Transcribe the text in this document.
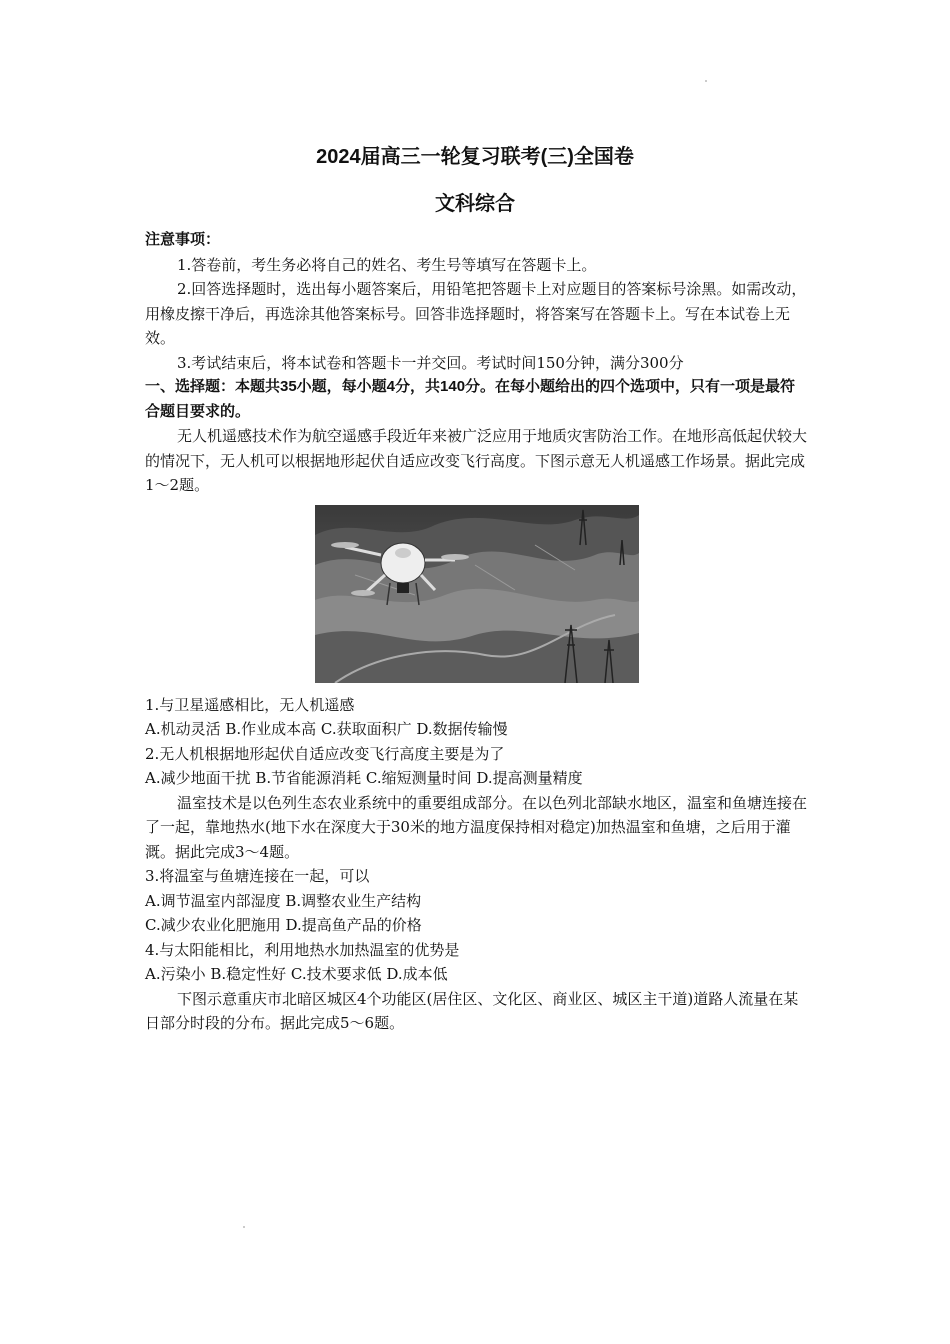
2024届高三一轮复习联考(三)全国卷
文科综合

注意事项：

1.答卷前，考生务必将自己的姓名、考生号等填写在答题卡上。

2.回答选择题时，选出每小题答案后，用铅笔把答题卡上对应题目的答案标号涂黑。如需改动，用橡皮擦干净后，再选涂其他答案标号。回答非选择题时，将答案写在答题卡上。写在本试卷上无效。

3.考试结束后，将本试卷和答题卡一并交回。考试时间150分钟，满分300分

一、选择题：本题共35小题，每小题4分，共140分。在每小题给出的四个选项中，只有一项是最符合题目要求的。

无人机遥感技术作为航空遥感手段近年来被广泛应用于地质灾害防治工作。在地形高低起伏较大的情况下，无人机可以根据地形起伏自适应改变飞行高度。下图示意无人机遥感工作场景。据此完成1～2题。

1.与卫星遥感相比，无人机遥感

A.机动灵活 B.作业成本高 C.获取面积广 D.数据传输慢

2.无人机根据地形起伏自适应改变飞行高度主要是为了

A.减少地面干扰 B.节省能源消耗 C.缩短测量时间 D.提高测量精度

温室技术是以色列生态农业系统中的重要组成部分。在以色列北部缺水地区，温室和鱼塘连接在了一起，靠地热水(地下水在深度大于30米的地方温度保持相对稳定)加热温室和鱼塘，之后用于灌溉。据此完成3～4题。

3.将温室与鱼塘连接在一起，可以

A.调节温室内部湿度 B.调整农业生产结构

C.减少农业化肥施用 D.提高鱼产品的价格

4.与太阳能相比，利用地热水加热温室的优势是

A.污染小 B.稳定性好 C.技术要求低 D.成本低

下图示意重庆市北暗区城区4个功能区(居住区、文化区、商业区、城区主干道)道路人流量在某日部分时段的分布。据此完成5～6题。
